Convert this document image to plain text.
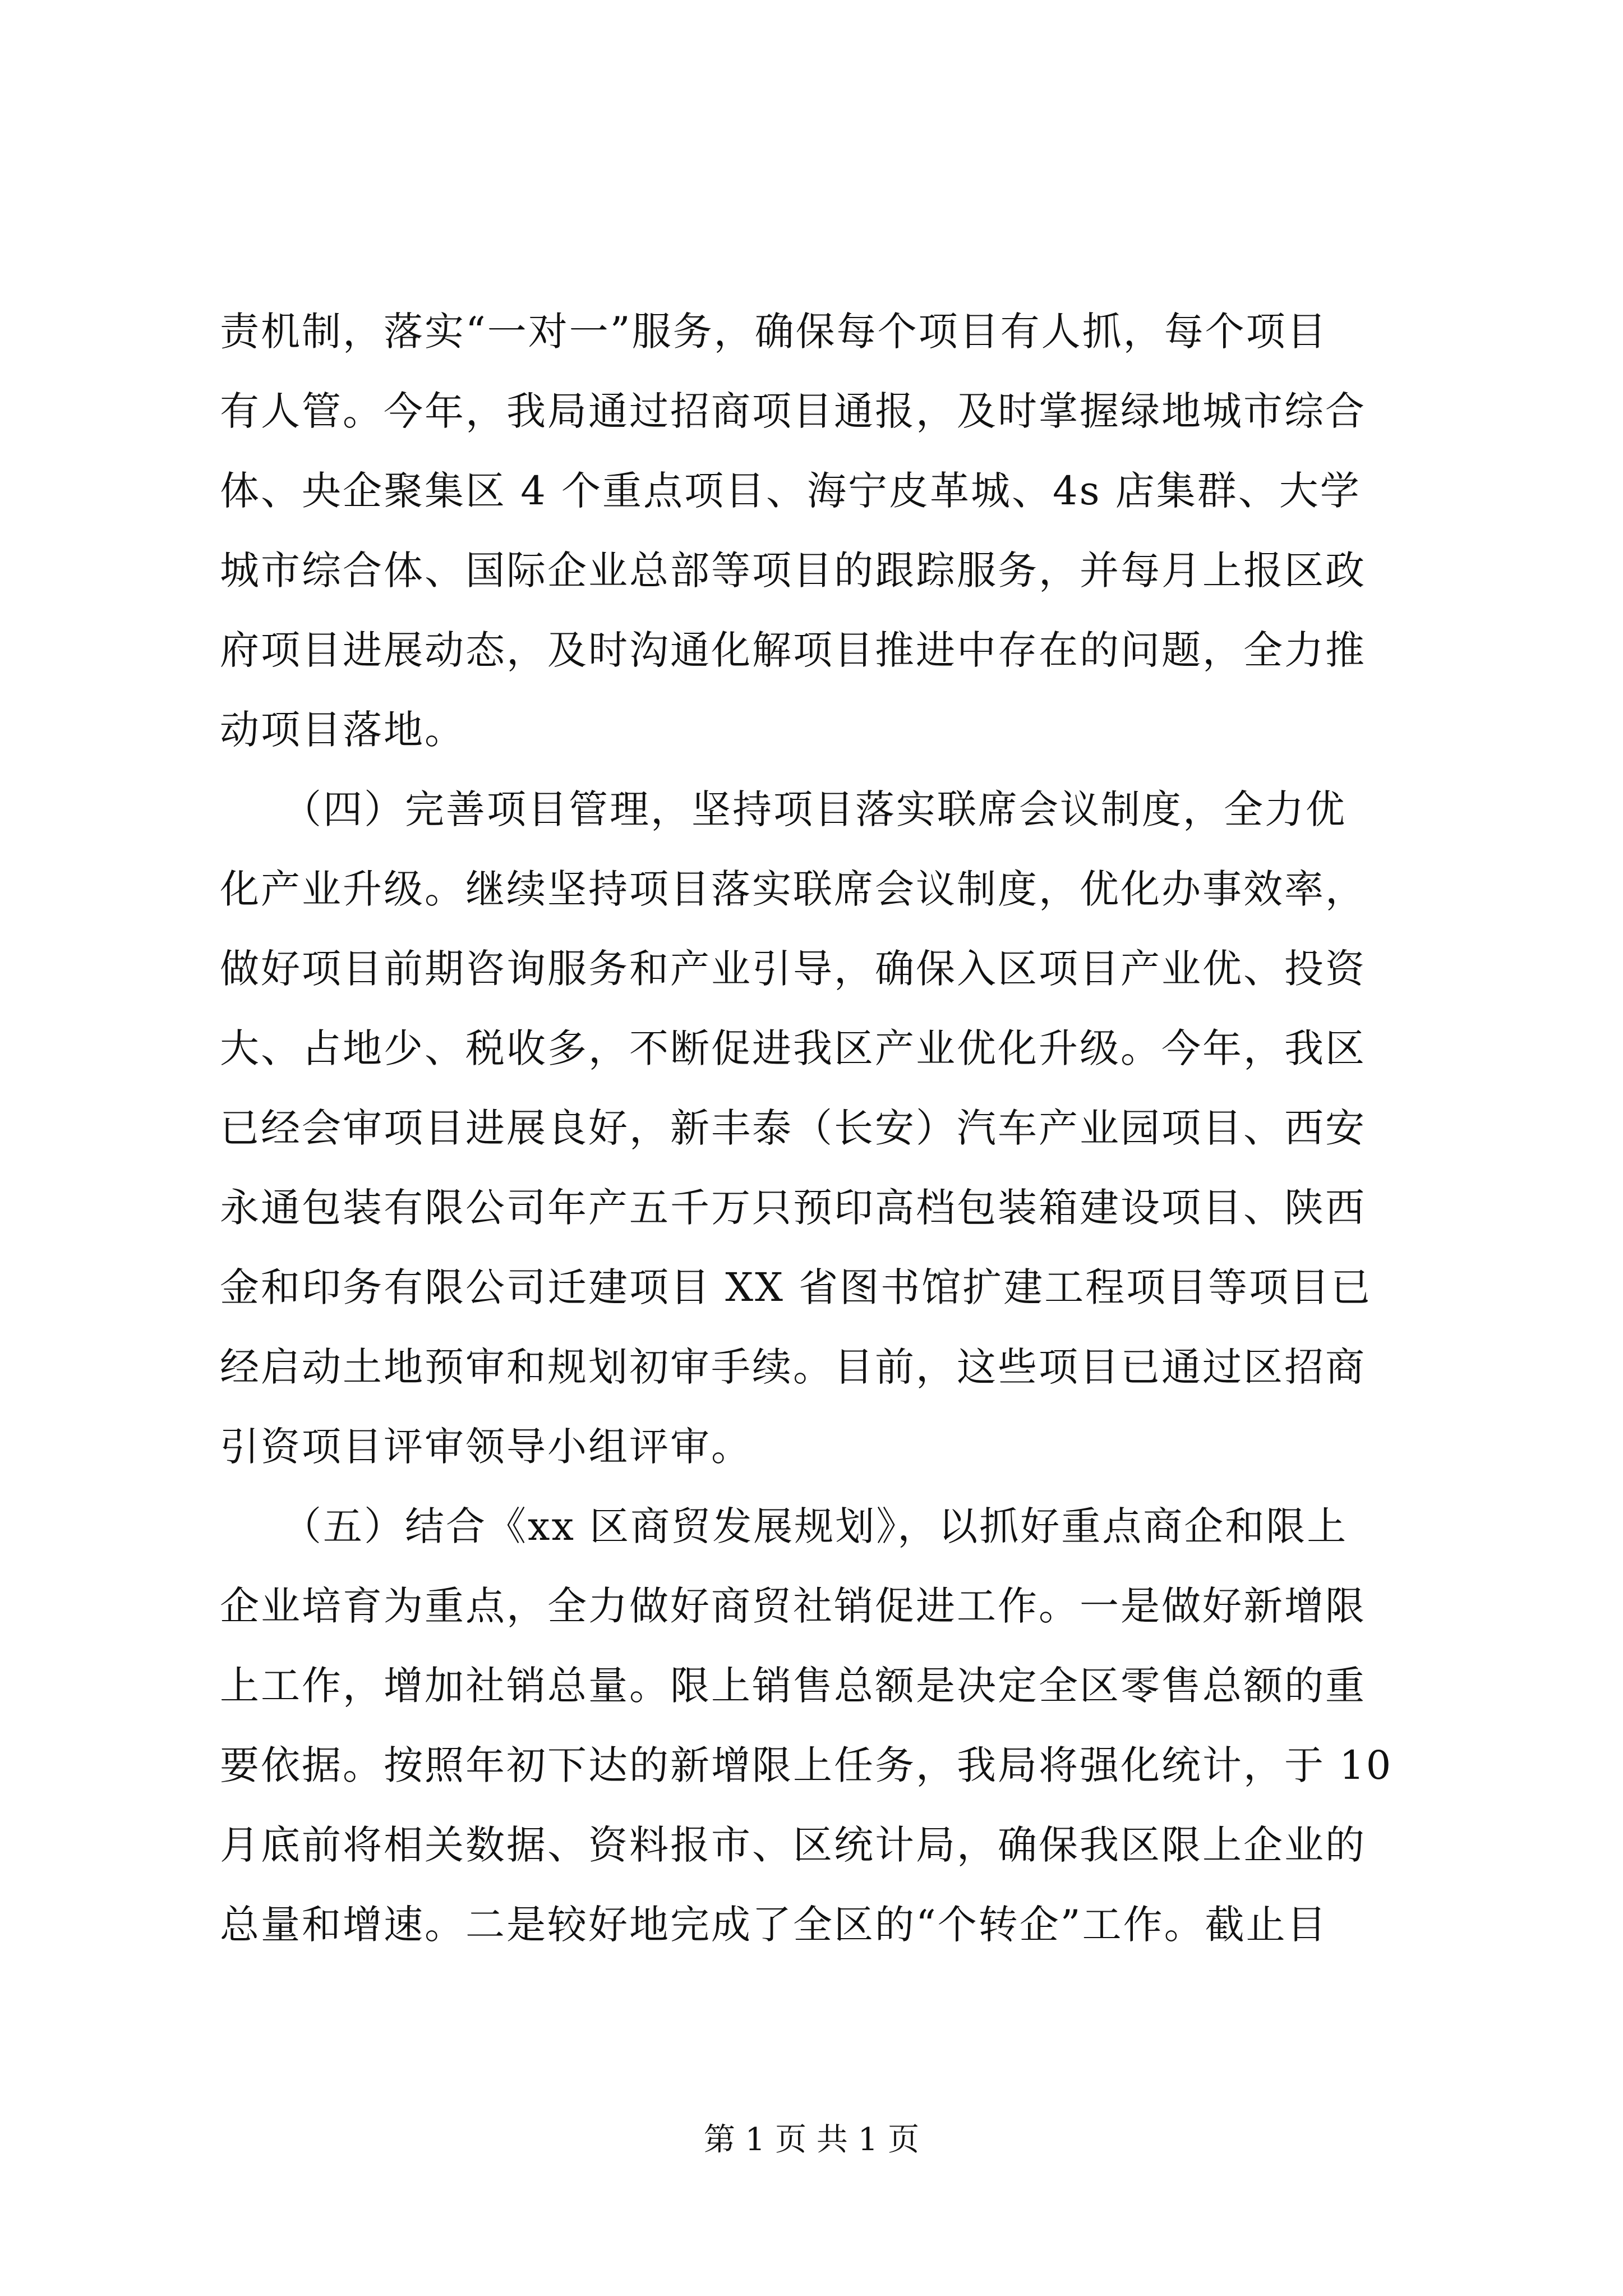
责机制，落实“一对一”服务，确保每个项目有人抓，每个项目
有人管。今年，我局通过招商项目通报，及时掌握绿地城市综合
体、央企聚集区 4 个重点项目、海宁皮革城、4s 店集群、大学
城市综合体、国际企业总部等项目的跟踪服务，并每月上报区政
府项目进展动态，及时沟通化解项目推进中存在的问题，全力推
动项目落地。
　　（四）完善项目管理，坚持项目落实联席会议制度，全力优
化产业升级。继续坚持项目落实联席会议制度，优化办事效率，
做好项目前期咨询服务和产业引导，确保入区项目产业优、投资
大、占地少、税收多，不断促进我区产业优化升级。今年，我区
已经会审项目进展良好，新丰泰（长安）汽车产业园项目、西安
永通包装有限公司年产五千万只预印高档包装箱建设项目、陕西
金和印务有限公司迁建项目 XX 省图书馆扩建工程项目等项目已
经启动土地预审和规划初审手续。目前，这些项目已通过区招商
引资项目评审领导小组评审。
　　（五）结合《xx 区商贸发展规划》，以抓好重点商企和限上
企业培育为重点，全力做好商贸社销促进工作。一是做好新增限
上工作，增加社销总量。限上销售总额是决定全区零售总额的重
要依据。按照年初下达的新增限上任务，我局将强化统计，于 10
月底前将相关数据、资料报市、区统计局，确保我区限上企业的
总量和增速。二是较好地完成了全区的“个转企”工作。截止目
第 1 页 共 1 页
